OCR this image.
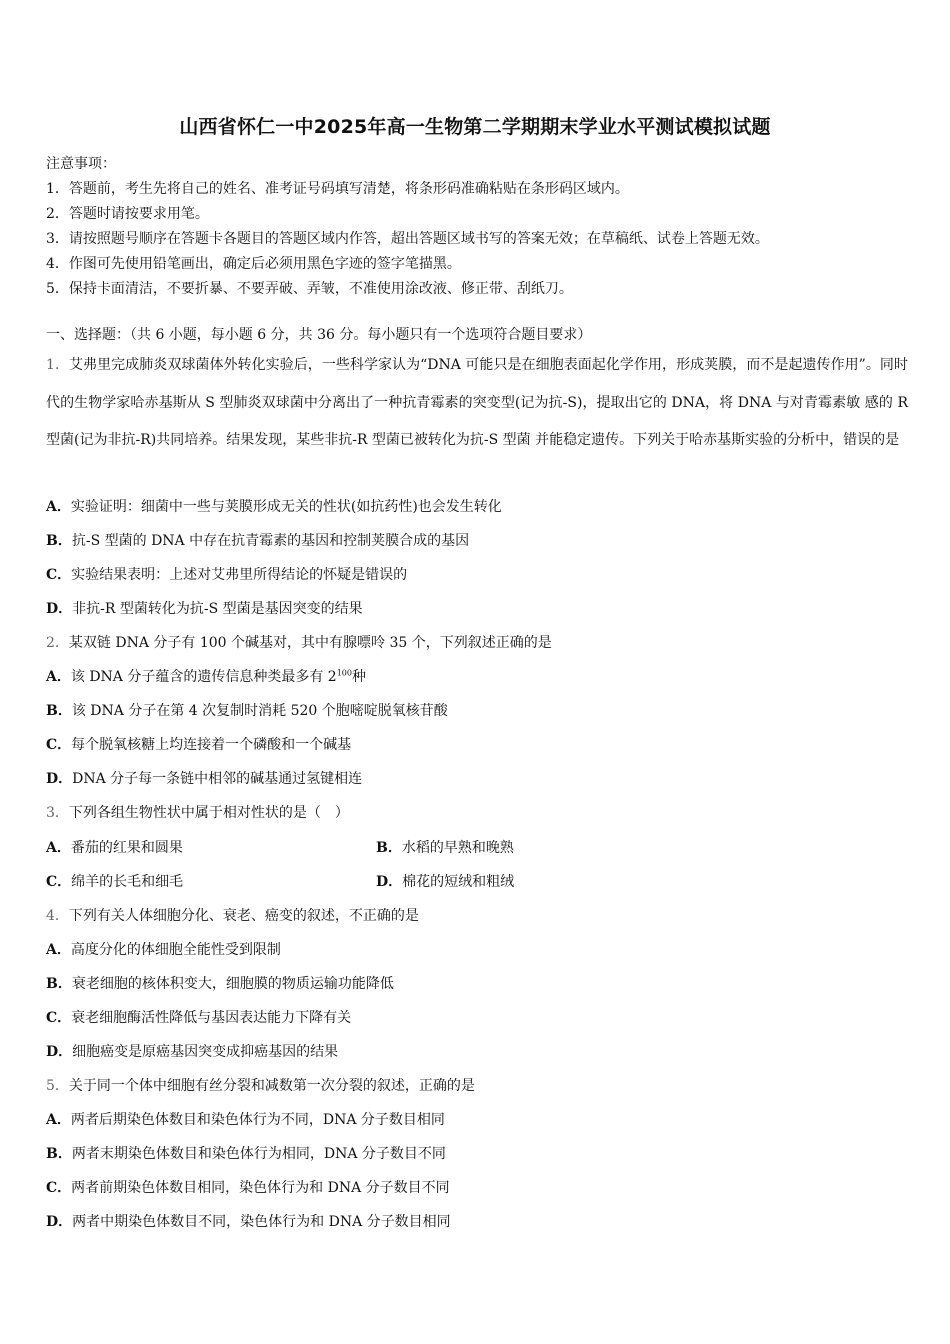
山西省怀仁一中2025年高一生物第二学期期末学业水平测试模拟试题
注意事项：
1．答题前，考生先将自己的姓名、准考证号码填写清楚，将条形码准确粘贴在条形码区域内。
2．答题时请按要求用笔。
3．请按照题号顺序在答题卡各题目的答题区域内作答，超出答题区域书写的答案无效；在草稿纸、试卷上答题无效。
4．作图可先使用铅笔画出，确定后必须用黑色字迹的签字笔描黑。
5．保持卡面清洁，不要折暴、不要弄破、弄皱，不准使用涂改液、修正带、刮纸刀。
一、选择题：（共 6 小题，每小题 6 分，共 36 分。每小题只有一个选项符合题目要求）
1．艾弗里完成肺炎双球菌体外转化实验后，一些科学家认为“DNA 可能只是在细胞表面起化学作用，形成荚膜，而不是起遗传作用”。同时代的生物学家哈赤基斯从 S 型肺炎双球菌中分离出了一种抗青霉素的突变型(记为抗-S)，提取出它的 DNA，将 DNA 与对青霉素敏 感的 R 型菌(记为非抗-R)共同培养。结果发现，某些非抗-R 型菌已被转化为抗-S 型菌 并能稳定遗传。下列关于哈赤基斯实验的分析中，错误的是
A．实验证明：细菌中一些与荚膜形成无关的性状(如抗药性)也会发生转化
B．抗-S 型菌的 DNA 中存在抗青霉素的基因和控制荚膜合成的基因
C．实验结果表明：上述对艾弗里所得结论的怀疑是错误的
D．非抗-R 型菌转化为抗-S 型菌是基因突变的结果
2．某双链 DNA 分子有 100 个碱基对，其中有腺嘌呤 35 个，下列叙述正确的是
A．该 DNA 分子蕴含的遗传信息种类最多有 $2^{100}$种
B．该 DNA 分子在第 4 次复制时消耗 520 个胞嘧啶脱氧核苷酸
C．每个脱氧核糖上均连接着一个磷酸和一个碱基
D．DNA 分子每一条链中相邻的碱基通过氢键相连
3．下列各组生物性状中属于相对性状的是（　）
A．番茄的红果和圆果	B．水稻的早熟和晚熟
C．绵羊的长毛和细毛	D．棉花的短绒和粗绒
4．下列有关人体细胞分化、衰老、癌变的叙述，不正确的是
A．高度分化的体细胞全能性受到限制
B．衰老细胞的核体积变大，细胞膜的物质运输功能降低
C．衰老细胞酶活性降低与基因表达能力下降有关
D．细胞癌变是原癌基因突变成抑癌基因的结果
5．关于同一个体中细胞有丝分裂和减数第一次分裂的叙述，正确的是
A．两者后期染色体数目和染色体行为不同，DNA 分子数目相同
B．两者末期染色体数目和染色体行为相同，DNA 分子数目不同
C．两者前期染色体数目相同，染色体行为和 DNA 分子数目不同
D．两者中期染色体数目不同，染色体行为和 DNA 分子数目相同
